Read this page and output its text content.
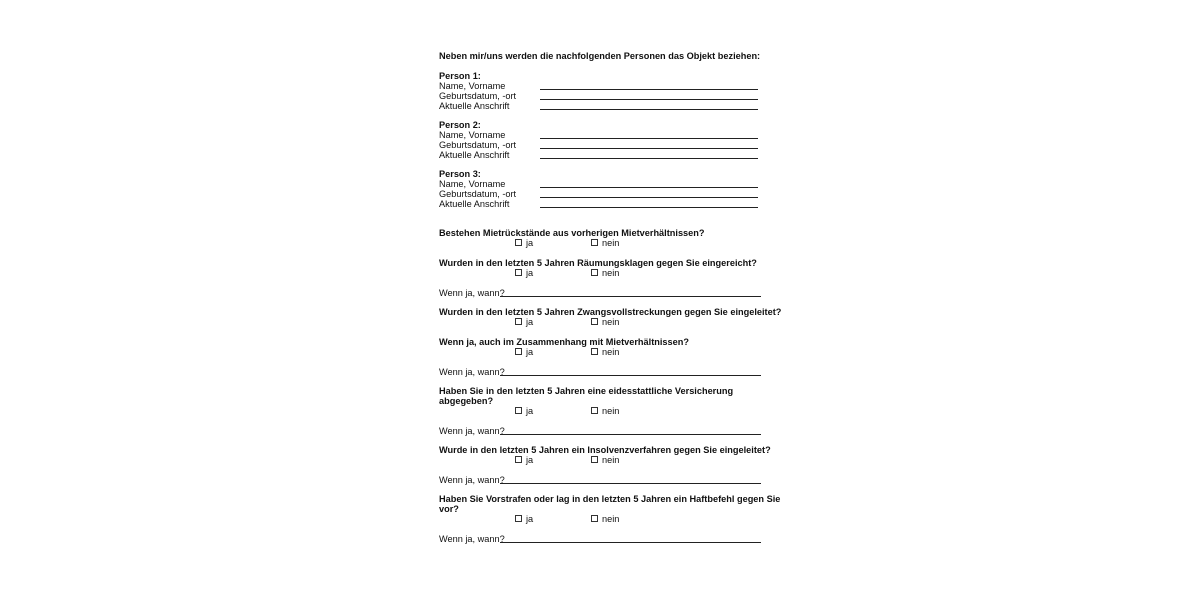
Neben mir/uns werden die nachfolgenden Personen das Objekt beziehen:
Person 1:
Name, Vorname
Geburtsdatum, -ort
Aktuelle Anschrift
Person 2:
Name, Vorname
Geburtsdatum, -ort
Aktuelle Anschrift
Person 3:
Name, Vorname
Geburtsdatum, -ort
Aktuelle Anschrift
Bestehen Mietrückstände aus vorherigen Mietverhältnissen?
ja	nein
Wurden in den letzten 5 Jahren Räumungsklagen gegen Sie eingereicht?
ja	nein
Wenn ja, wann?
Wurden in den letzten 5 Jahren Zwangsvollstreckungen gegen Sie eingeleitet?
ja	nein
Wenn ja, auch im Zusammenhang mit Mietverhältnissen?
ja	nein
Wenn ja, wann?
Haben Sie in den letzten 5 Jahren eine eidesstattliche Versicherung
abgegeben?
ja	nein
Wenn ja, wann?
Wurde in den letzten 5 Jahren ein Insolvenzverfahren gegen Sie eingeleitet?
ja	nein
Wenn ja, wann?
Haben Sie Vorstrafen oder lag in den letzten 5 Jahren ein Haftbefehl gegen Sie
vor?
ja	nein
Wenn ja, wann?
